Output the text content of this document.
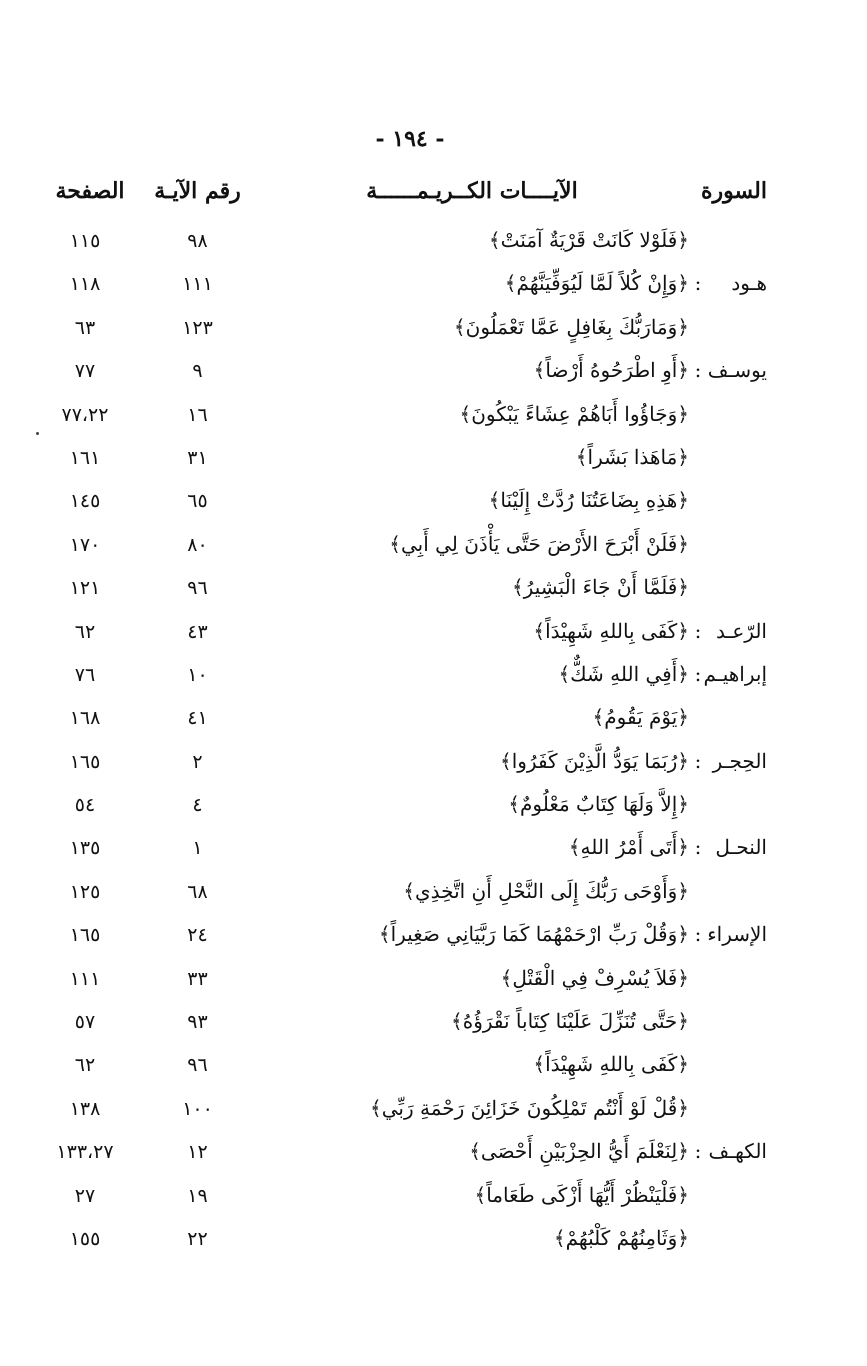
- ١٩٤ -
السورة
الآيــــات الكــريـمــــــة
رقم الآيـة
الصفحة
﴿فَلَوْلا كَانَتْ قَرْيَةٌ آمَنَتْ﴾
٩٨
١١٥
هـود
:
﴿وَإِنْ كُلاً لَمَّا لَيُوَفِّيَنَّهُمْ﴾
١١١
١١٨
﴿وَمَارَبُّكَ بِغَافِلٍ عَمَّا تَعْمَلُونَ﴾
١٢٣
٦٣
يوسـف
:
﴿أَوِ اطْرَحُوهُ أَرْضاً﴾
٩
٧٧
﴿وَجَاؤُوا أَبَاهُمْ عِشَاءً يَبْكُونَ﴾
١٦
٧٧،٢٢
﴿مَاهَذا بَشَراً﴾
٣١
١٦١
﴿هَذِهِ بِضَاعَتُنَا رُدَّتْ إِلَيْنَا﴾
٦٥
١٤٥
﴿فَلَنْ أَبْرَحَ الأَرْضَ حَتَّى يَأْذَنَ لِي أَبِي﴾
٨٠
١٧٠
﴿فَلَمَّا أَنْ جَاءَ الْبَشِيرُ﴾
٩٦
١٢١
الرّعـد
:
﴿كَفَى بِاللهِ شَهِيْدَاً﴾
٤٣
٦٢
إبراهيـم
:
﴿أَفِي اللهِ شَكٌّ﴾
١٠
٧٦
﴿يَوْمَ يَقُومُ﴾
٤١
١٦٨
الحِجـر
:
﴿رُبَمَا يَوَدُّ الَّذِيْنَ كَفَرُوا﴾
٢
١٦٥
﴿إِلاَّ وَلَهَا كِتَابٌ مَعْلُومٌ﴾
٤
٥٤
النحـل
:
﴿أَتَى أَمْرُ اللهِ﴾
١
١٣٥
﴿وَأَوْحَى رَبُّكَ إِلَى النَّحْلِ أَنِ اتَّخِذِي﴾
٦٨
١٢٥
الإسراء
:
﴿وَقُلْ رَبِّ ارْحَمْهُمَا كَمَا رَبَّيَانِي صَغِيراً﴾
٢٤
١٦٥
﴿فَلاَ يُسْرِفْ فِي الْقَتْلِ﴾
٣٣
١١١
﴿حَتَّى تُنَزِّلَ عَلَيْنَا كِتَاباً نَقْرَؤُهُ﴾
٩٣
٥٧
﴿كَفَى بِاللهِ شَهِيْدَاً﴾
٩٦
٦٢
﴿قُلْ لَوْ أَنْتُم تَمْلِكُونَ خَزَائِنَ رَحْمَةِ رَبِّي﴾
١٠٠
١٣٨
الكهـف
:
﴿لِنَعْلَمَ أَيُّ الحِزْبَيْنِ أَحْصَى﴾
١٢
١٣٣،٢٧
﴿فَلْيَنْظُرْ أَيُّهَا أَزْكَى طَعَاماً﴾
١٩
٢٧
﴿وَثَامِنُهُمْ كَلْبُهُمْ﴾
٢٢
١٥٥
